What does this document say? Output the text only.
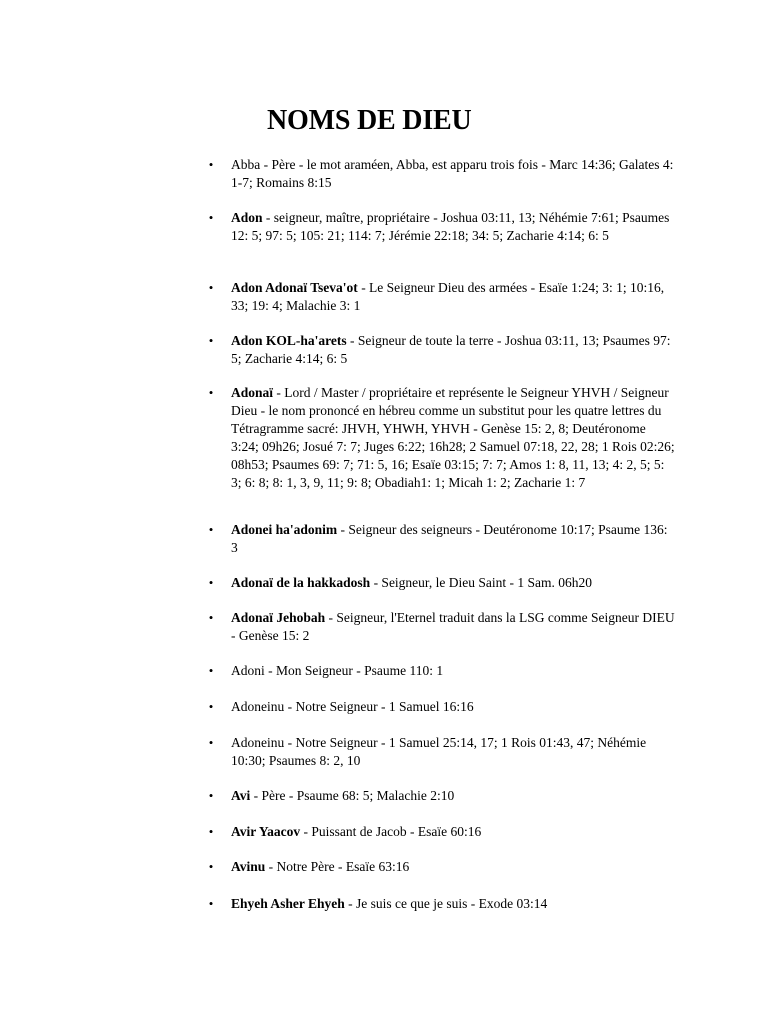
NOMS DE DIEU
• Abba - Père - le mot araméen, Abba, est apparu trois fois - Marc 14:36; Galates 4: 1-7; Romains 8:15
• Adon - seigneur, maître, propriétaire - Joshua 03:11, 13; Néhémie 7:61; Psaumes 12: 5; 97: 5; 105: 21; 114: 7; Jérémie 22:18; 34: 5; Zacharie 4:14; 6: 5
• Adon Adonaï Tseva'ot - Le Seigneur Dieu des armées - Esaïe 1:24; 3: 1; 10:16, 33; 19: 4; Malachie 3: 1
• Adon KOL-ha'arets - Seigneur de toute la terre - Joshua 03:11, 13; Psaumes 97: 5; Zacharie 4:14; 6: 5
• Adonaï - Lord / Master / propriétaire et représente le Seigneur YHVH / Seigneur Dieu - le nom prononcé en hébreu comme un substitut pour les quatre lettres du Tétragramme sacré: JHVH, YHWH, YHVH - Genèse 15: 2, 8; Deutéronome 3:24; 09h26; Josué 7: 7; Juges 6:22; 16h28; 2 Samuel 07:18, 22, 28; 1 Rois 02:26; 08h53; Psaumes 69: 7; 71: 5, 16; Esaïe 03:15; 7: 7; Amos 1: 8, 11, 13; 4: 2, 5; 5: 3; 6: 8; 8: 1, 3, 9, 11; 9: 8; Obadiah1: 1; Micah 1: 2; Zacharie 1: 7
• Adonei ha'adonim - Seigneur des seigneurs - Deutéronome 10:17; Psaume 136: 3
• Adonaï de la hakkadosh - Seigneur, le Dieu Saint - 1 Sam. 06h20
• Adonaï Jehobah - Seigneur, l'Eternel traduit dans la LSG comme Seigneur DIEU - Genèse 15: 2
• Adoni - Mon Seigneur - Psaume 110: 1
• Adoneinu - Notre Seigneur - 1 Samuel 16:16
• Adoneinu - Notre Seigneur - 1 Samuel 25:14, 17; 1 Rois 01:43, 47; Néhémie 10:30; Psaumes 8: 2, 10
• Avi - Père - Psaume 68: 5; Malachie 2:10
• Avir Yaacov - Puissant de Jacob - Esaïe 60:16
• Avinu - Notre Père - Esaïe 63:16
• Ehyeh Asher Ehyeh - Je suis ce que je suis - Exode 03:14
